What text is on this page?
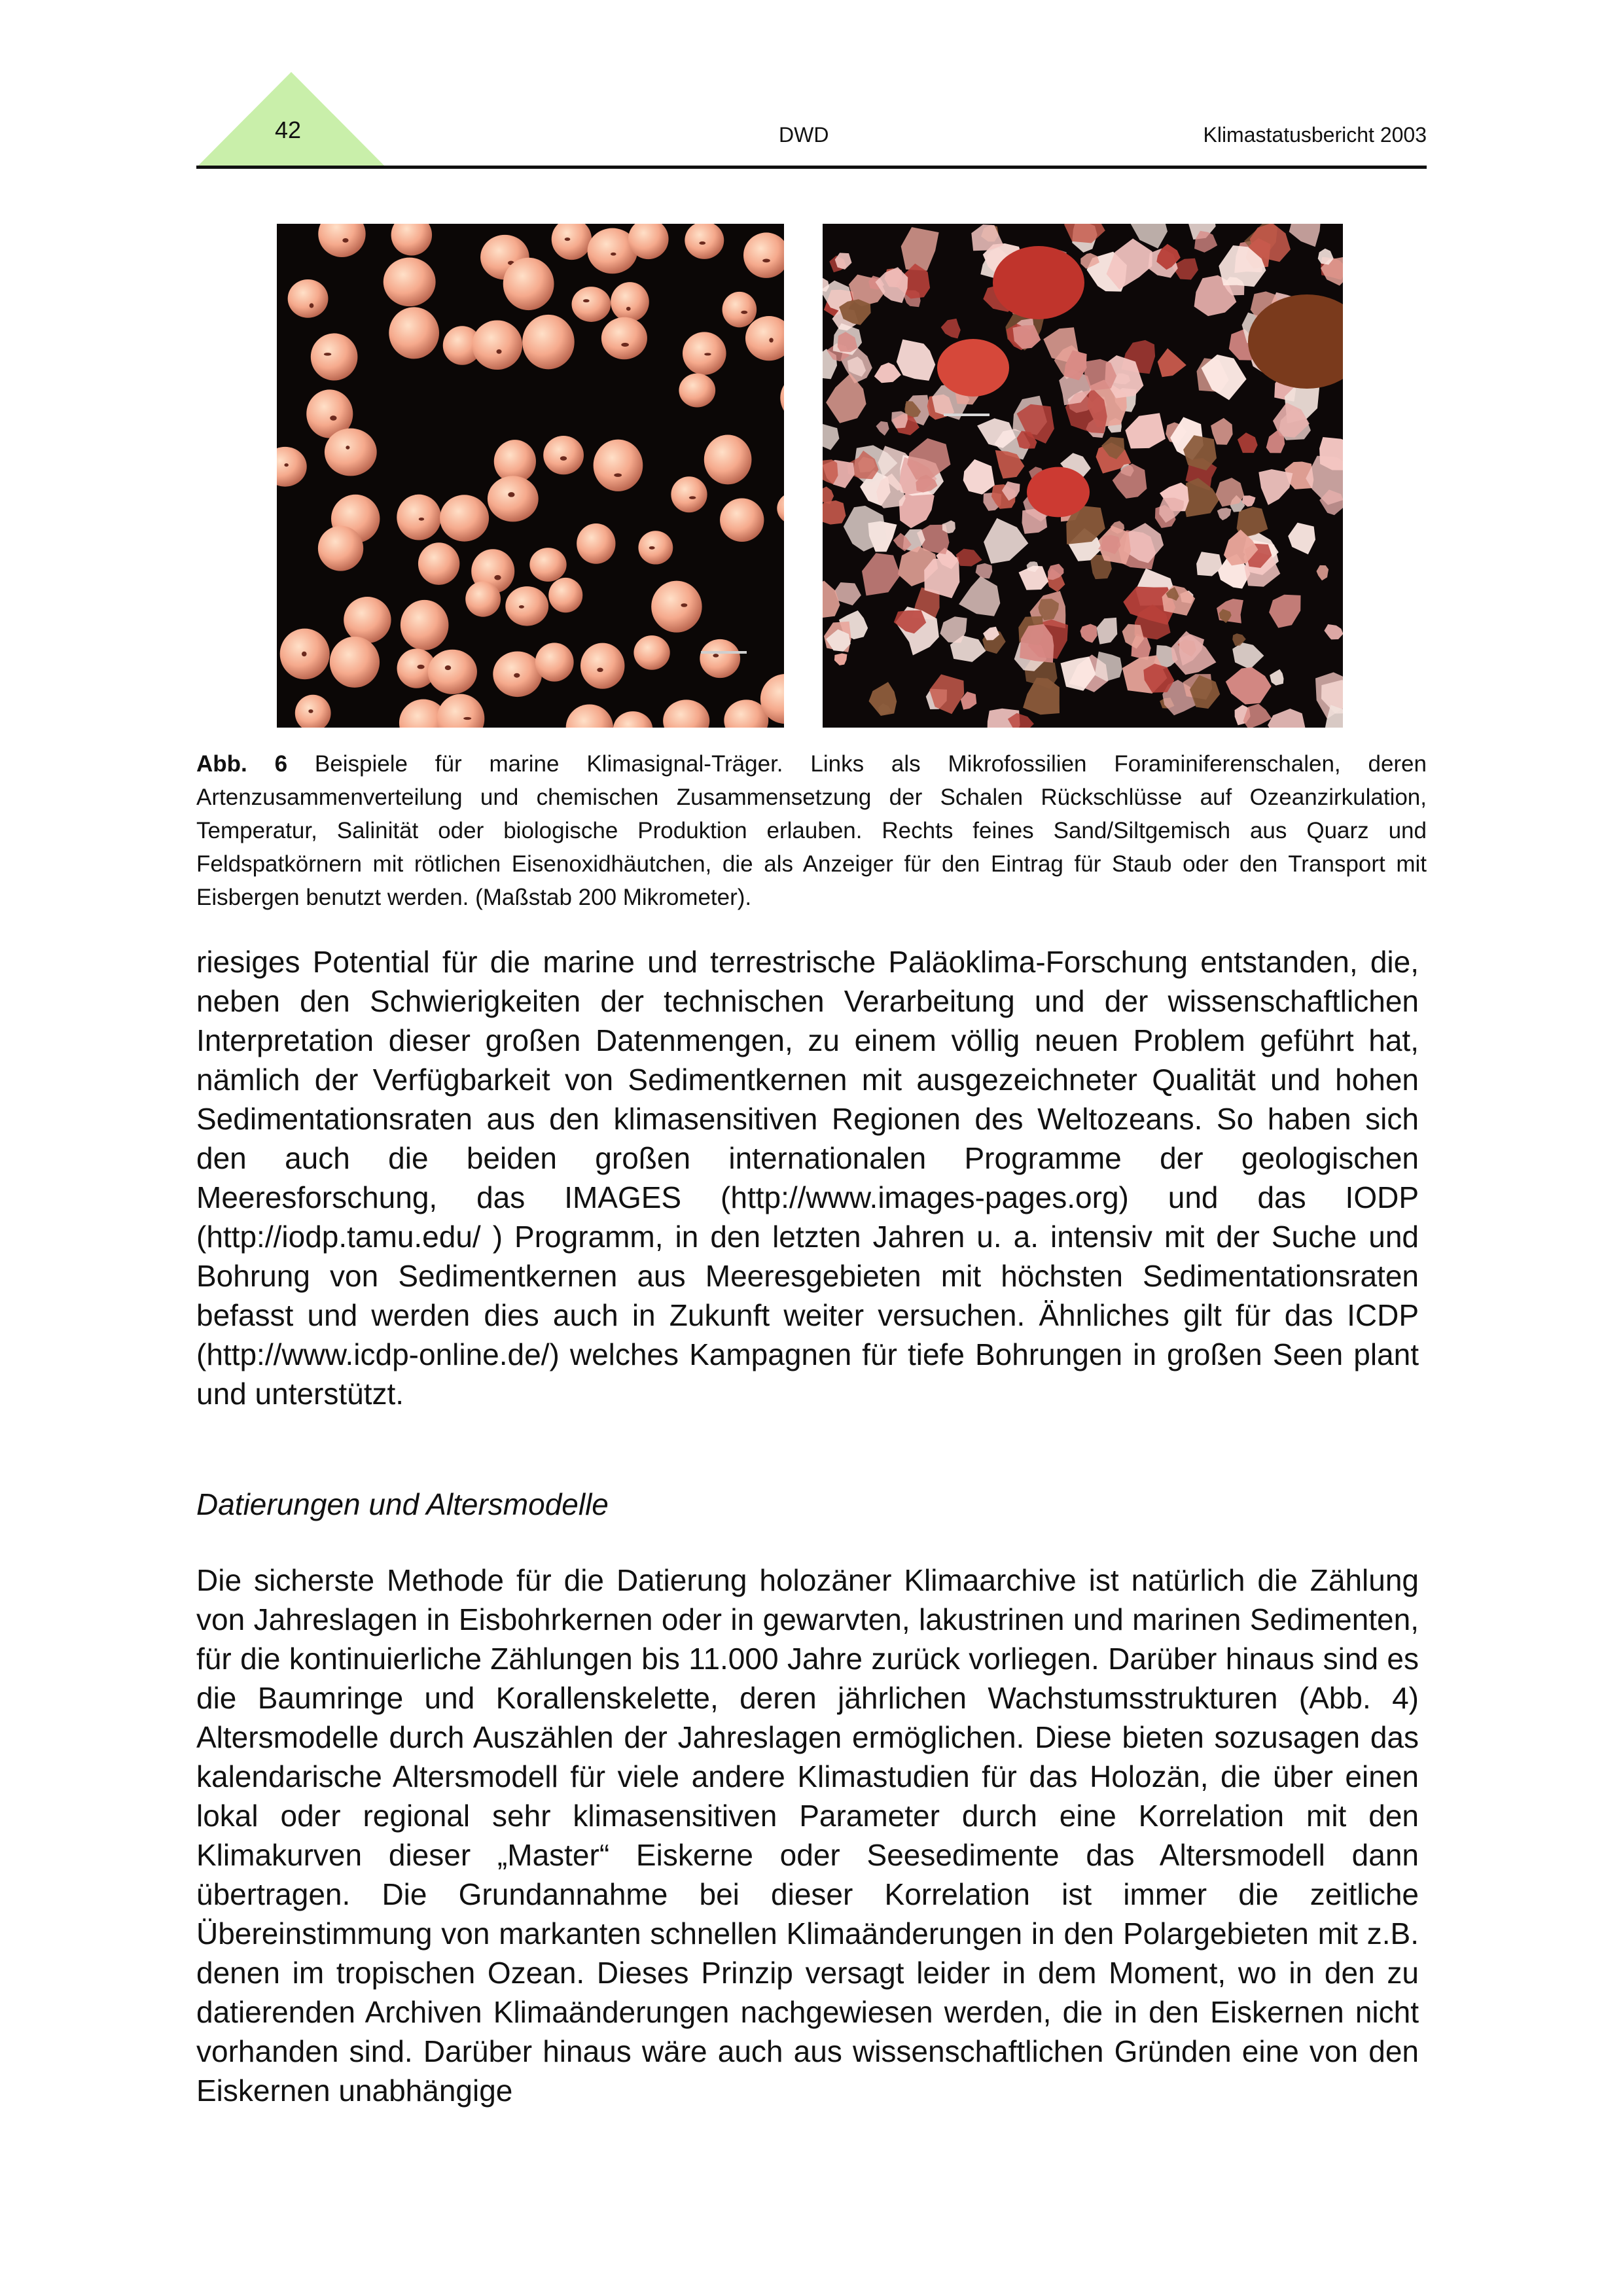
42	DWD	Klimastatusbericht 2003
Abb. 6 Beispiele für marine Klimasignal-Träger. Links als Mikrofossilien Foraminiferenschalen, deren Artenzusammenverteilung und chemischen Zusammensetzung der Schalen Rückschlüsse auf Ozeanzirkulation, Temperatur, Salinität oder biologische Produktion erlauben. Rechts feines Sand/Siltgemisch aus Quarz und Feldspatkörnern mit rötlichen Eisenoxidhäutchen, die als Anzeiger für den Eintrag für Staub oder den Transport mit Eisbergen benutzt werden. (Maßstab 200 Mikrometer).
riesiges Potential für die marine und terrestrische Paläoklima-Forschung entstanden, die, neben den Schwierigkeiten der technischen Verarbeitung und der wissenschaftlichen Interpretation dieser großen Datenmengen, zu einem völlig neuen Problem geführt hat, nämlich der Verfügbarkeit von Sedimentkernen mit ausgezeichneter Qualität und hohen Sedimentationsraten aus den klimasensitiven Regionen des Weltozeans. So haben sich den auch die beiden großen internationalen Programme der geologischen Meeresforschung, das IMAGES (http://www.images-pages.org) und das IODP (http://iodp.tamu.edu/ ) Programm, in den letzten Jahren u. a. intensiv mit der Suche und Bohrung von Sedimentkernen aus Meeresgebieten mit höchsten Sedimentationsraten befasst und werden dies auch in Zukunft weiter versuchen. Ähnliches gilt für das ICDP (http://www.icdp-online.de/) welches Kampagnen für tiefe Bohrungen in großen Seen plant und unterstützt.
Datierungen und Altersmodelle
Die sicherste Methode für die Datierung holozäner Klimaarchive ist natürlich die Zählung von Jahreslagen in Eisbohrkernen oder in gewarvten, lakustrinen und marinen Sedimenten, für die kontinuierliche Zählungen bis 11.000 Jahre zurück vorliegen. Darüber hinaus sind es die Baumringe und Korallenskelette, deren jährlichen Wachstumsstrukturen (Abb. 4) Altersmodelle durch Auszählen der Jahreslagen ermöglichen. Diese bieten sozusagen das kalendarische Altersmodell für viele andere Klimastudien für das Holozän, die über einen lokal oder regional sehr klimasensitiven Parameter durch eine Korrelation mit den Klimakurven dieser „Master“ Eiskerne oder Seesedimente das Altersmodell dann übertragen. Die Grundannahme bei dieser Korrelation ist immer die zeitliche Übereinstimmung von markanten schnellen Klimaänderungen in den Polargebieten mit z.B. denen im tropischen Ozean. Dieses Prinzip versagt leider in dem Moment, wo in den zu datierenden Archiven Klimaänderungen nachgewiesen werden, die in den Eiskernen nicht vorhanden sind. Darüber hinaus wäre auch aus wissenschaftlichen Gründen eine von den Eiskernen unabhängige
